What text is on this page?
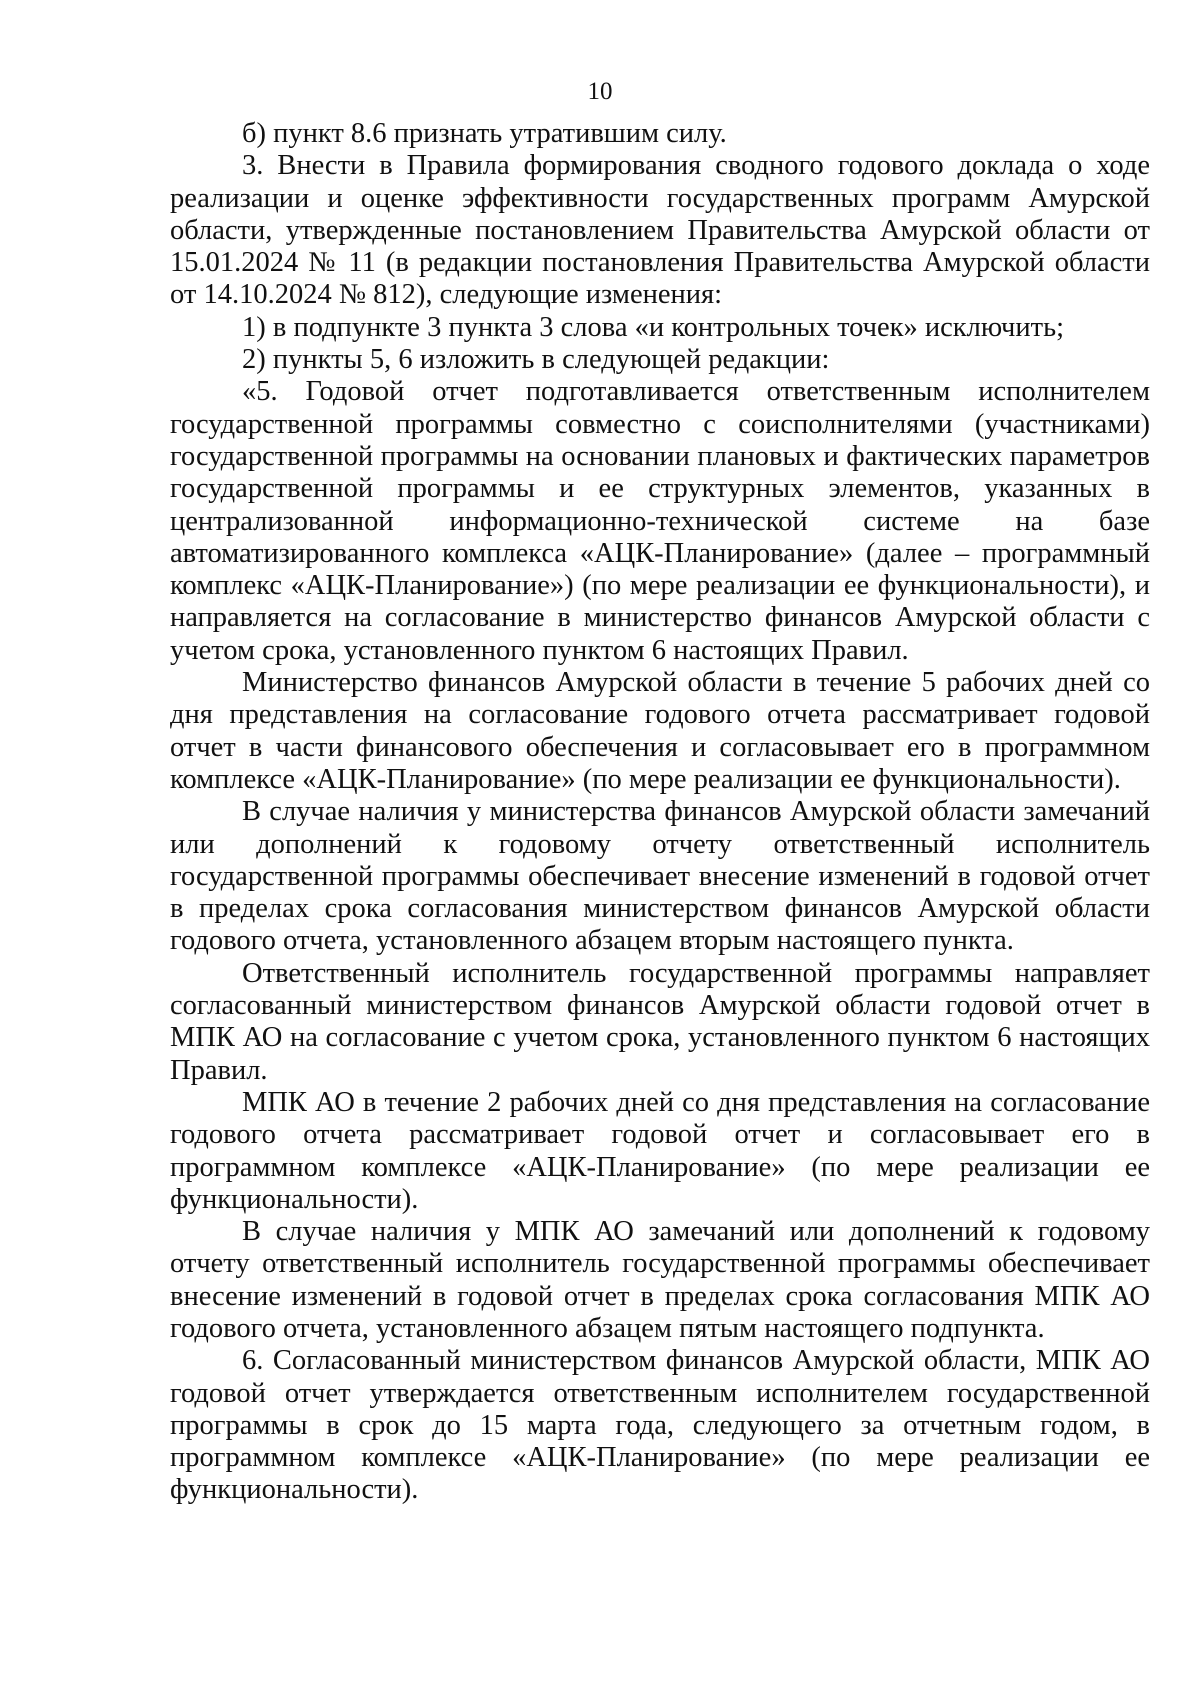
10

б) пункт 8.6 признать утратившим силу.

3. Внести в Правила формирования сводного годового доклада о ходе реализации и оценке эффективности государственных программ Амурской области, утвержденные постановлением Правительства Амурской области от 15.01.2024 № 11 (в редакции постановления Правительства Амурской области от 14.10.2024 № 812), следующие изменения:

1) в подпункте 3 пункта 3 слова «и контрольных точек» исключить;

2) пункты 5, 6 изложить в следующей редакции:

«5. Годовой отчет подготавливается ответственным исполнителем государственной программы совместно с соисполнителями (участниками) государственной программы на основании плановых и фактических параметров государственной программы и ее структурных элементов, указанных в централизованной информационно-технической системе на базе автоматизированного комплекса «АЦК-Планирование» (далее – программный комплекс «АЦК-Планирование») (по мере реализации ее функциональности), и направляется на согласование в министерство финансов Амурской области с учетом срока, установленного пунктом 6 настоящих Правил.

Министерство финансов Амурской области в течение 5 рабочих дней со дня представления на согласование годового отчета рассматривает годовой отчет в части финансового обеспечения и согласовывает его в программном комплексе «АЦК-Планирование» (по мере реализации ее функциональности).

В случае наличия у министерства финансов Амурской области замечаний или дополнений к годовому отчету ответственный исполнитель государственной программы обеспечивает внесение изменений в годовой отчет в пределах срока согласования министерством финансов Амурской области годового отчета, установленного абзацем вторым настоящего пункта.

Ответственный исполнитель государственной программы направляет согласованный министерством финансов Амурской области годовой отчет в МПК АО на согласование с учетом срока, установленного пунктом 6 настоящих Правил.

МПК АО в течение 2 рабочих дней со дня представления на согласование годового отчета рассматривает годовой отчет и согласовывает его в программном комплексе «АЦК-Планирование» (по мере реализации ее функциональности).

В случае наличия у МПК АО замечаний или дополнений к годовому отчету ответственный исполнитель государственной программы обеспечивает внесение изменений в годовой отчет в пределах срока согласования МПК АО годового отчета, установленного абзацем пятым настоящего подпункта.

6. Согласованный министерством финансов Амурской области, МПК АО годовой отчет утверждается ответственным исполнителем государственной программы в срок до 15 марта года, следующего за отчетным годом, в программном комплексе «АЦК-Планирование» (по мере реализации ее функциональности).
